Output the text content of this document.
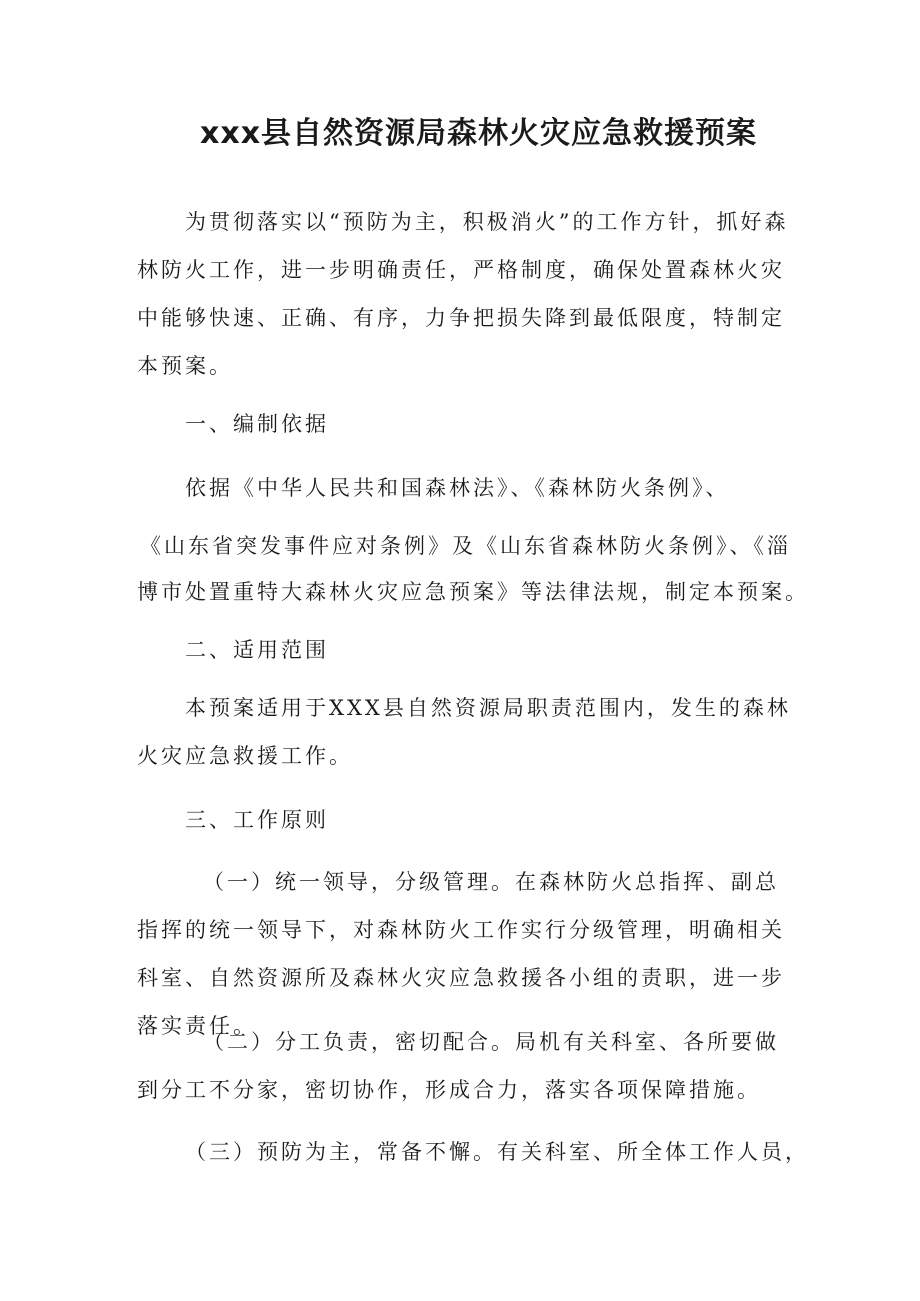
xxx县自然资源局森林火灾应急救援预案

为贯彻落实以“预防为主，积极消火”的工作方针，抓好森林防火工作，进一步明确责任，严格制度，确保处置森林火灾中能够快速、正确、有序，力争把损失降到最低限度，特制定本预案。

一、编制依据
依据《中华人民共和国森林法》、《森林防火条例》、
《山东省突发事件应对条例》及《山东省森林防火条例》、《淄
博市处置重特大森林火灾应急预案》等法律法规，制定本预案。
二、适用范围

本预案适用于XXX县自然资源局职责范围内，发生的森林火灾应急救援工作。

三、工作原则

（一）统一领导，分级管理。在森林防火总指挥、副总指挥的统一领导下，对森林防火工作实行分级管理，明确相关科室、自然资源所及森林火灾应急救援各小组的责职，进一步落实责任。

（二）分工负责，密切配合。局机有关科室、各所要做到分工不分家，密切协作，形成合力，落实各项保障措施。

（三）预防为主，常备不懈。有关科室、所全体工作人员，
